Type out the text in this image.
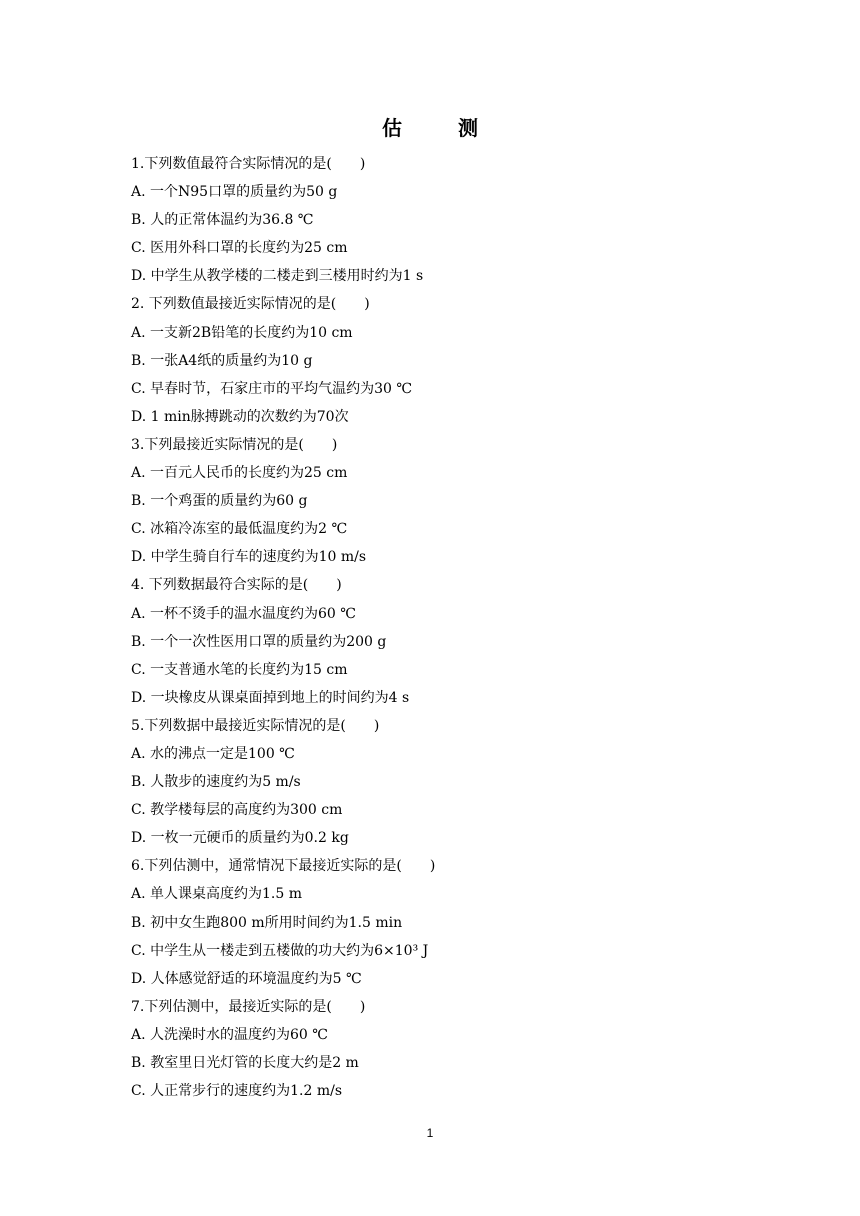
估　测
1.下列数值最符合实际情况的是(　　)
A. 一个N95口罩的质量约为50 g
B. 人的正常体温约为36.8 ℃
C. 医用外科口罩的长度约为25 cm
D. 中学生从教学楼的二楼走到三楼用时约为1 s
2. 下列数值最接近实际情况的是(　　)
A. 一支新2B铅笔的长度约为10 cm
B. 一张A4纸的质量约为10 g
C. 早春时节，石家庄市的平均气温约为30 ℃
D. 1 min脉搏跳动的次数约为70次
3.下列最接近实际情况的是(　　)
A. 一百元人民币的长度约为25 cm
B. 一个鸡蛋的质量约为60 g
C. 冰箱冷冻室的最低温度约为2 ℃
D. 中学生骑自行车的速度约为10 m/s
4. 下列数据最符合实际的是(　　)
A. 一杯不烫手的温水温度约为60 ℃
B. 一个一次性医用口罩的质量约为200 g
C. 一支普通水笔的长度约为15 cm
D. 一块橡皮从课桌面掉到地上的时间约为4 s
5.下列数据中最接近实际情况的是(　　)
A. 水的沸点一定是100 ℃
B. 人散步的速度约为5 m/s
C. 教学楼每层的高度约为300 cm
D. 一枚一元硬币的质量约为0.2 kg
6.下列估测中，通常情况下最接近实际的是(　　)
A. 单人课桌高度约为1.5 m
B. 初中女生跑800 m所用时间约为1.5 min
C. 中学生从一楼走到五楼做的功大约为6×10³ J
D. 人体感觉舒适的环境温度约为5 ℃
7.下列估测中，最接近实际的是(　　)
A. 人洗澡时水的温度约为60 ℃
B. 教室里日光灯管的长度大约是2 m
C. 人正常步行的速度约为1.2 m/s
1
